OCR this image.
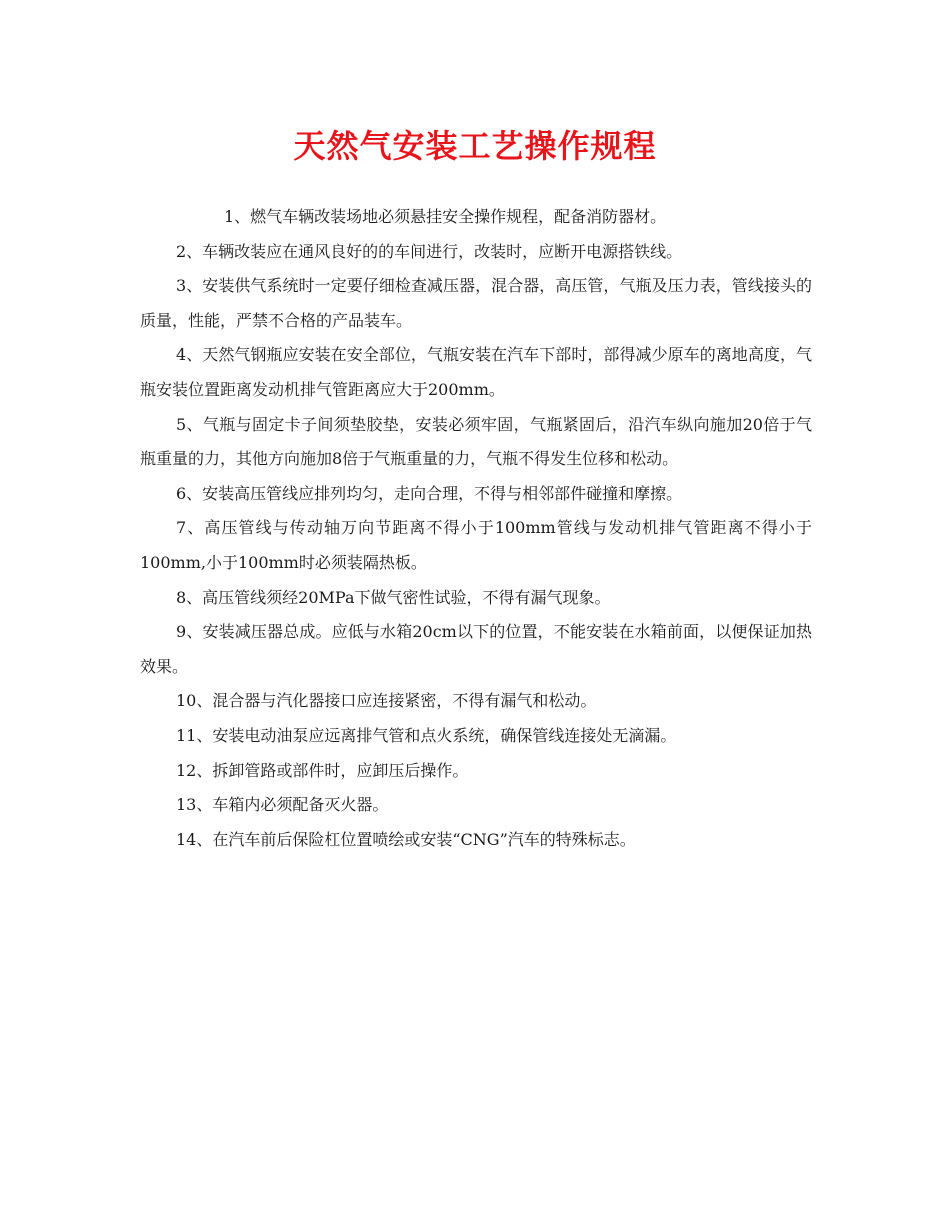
天然气安装工艺操作规程

1、燃气车辆改装场地必须悬挂安全操作规程，配备消防器材。

2、车辆改装应在通风良好的的车间进行，改装时，应断开电源搭铁线。

3、安装供气系统时一定要仔细检查减压器，混合器，高压管，气瓶及压力表，管线接头的质量，性能，严禁不合格的产品装车。

4、天然气钢瓶应安装在安全部位，气瓶安装在汽车下部时，部得减少原车的离地高度，气瓶安装位置距离发动机排气管距离应大于200mm。

5、气瓶与固定卡子间须垫胶垫，安装必须牢固，气瓶紧固后，沿汽车纵向施加20倍于气瓶重量的力，其他方向施加8倍于气瓶重量的力，气瓶不得发生位移和松动。

6、安装高压管线应排列均匀，走向合理，不得与相邻部件碰撞和摩擦。

7、高压管线与传动轴万向节距离不得小于100mm管线与发动机排气管距离不得小于100mm,小于100mm时必须装隔热板。

8、高压管线须经20MPa下做气密性试验，不得有漏气现象。

9、安装减压器总成。应低与水箱20cm以下的位置，不能安装在水箱前面，以便保证加热效果。

10、混合器与汽化器接口应连接紧密，不得有漏气和松动。

11、安装电动油泵应远离排气管和点火系统，确保管线连接处无滴漏。

12、拆卸管路或部件时，应卸压后操作。

13、车箱内必须配备灭火器。

14、在汽车前后保险杠位置喷绘或安装“CNG”汽车的特殊标志。
